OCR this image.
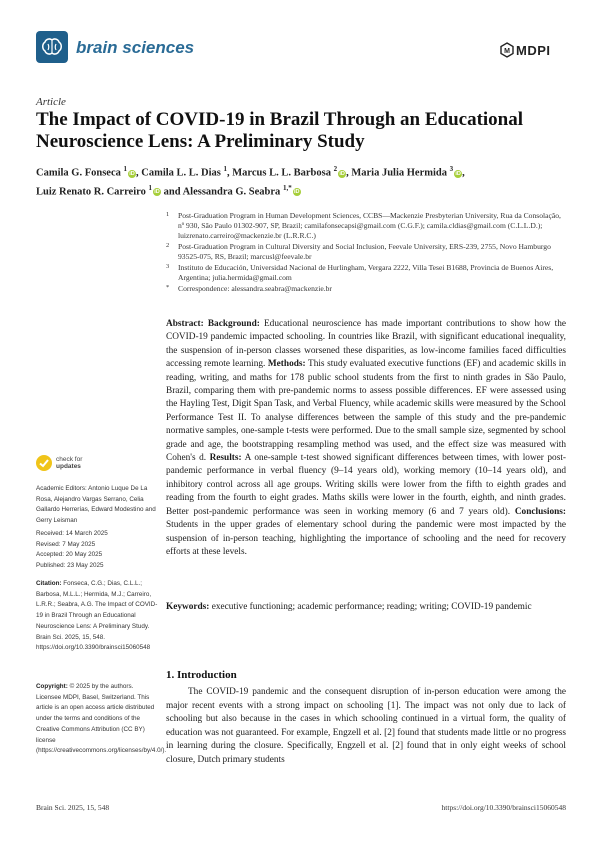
brain sciences	M MDPI
Article
The Impact of COVID-19 in Brazil Through an Educational Neuroscience Lens: A Preliminary Study
Camila G. Fonseca $^1$iD, Camila L. L. Dias $^1$, Marcus L. L. Barbosa $^2$iD, Maria Julia Hermida $^3$iD,
Luiz Renato R. Carreiro $^1$iD and Alessandra G. Seabra $^{1,*}$iD
1 Post-Graduation Program in Human Development Sciences, CCBS—Mackenzie Presbyterian University, Rua da Consolação, nº 930, São Paulo 01302-907, SP, Brazil; camilafonsecapsi@gmail.com (C.G.F.); camila.cldias@gmail.com (C.L.L.D.); luizrenato.carreiro@mackenzie.br (L.R.R.C.)
2 Post-Graduation Program in Cultural Diversity and Social Inclusion, Feevale University, ERS-239, 2755, Novo Hamburgo 93525-075, RS, Brazil; marcusl@feevale.br
3 Instituto de Educación, Universidad Nacional de Hurlingham, Vergara 2222, Villa Tesei B1688, Provincia de Buenos Aires, Argentina; julia.hermida@gmail.com
* Correspondence: alessandra.seabra@mackenzie.br
Abstract: Background: Educational neuroscience has made important contributions to show how the COVID-19 pandemic impacted schooling. In countries like Brazil, with significant educational inequality, the suspension of in-person classes worsened these disparities, as low-income families faced difficulties accessing remote learning. Methods: This study evaluated executive functions (EF) and academic skills in reading, writing, and maths for 178 public school students from the first to ninth grades in São Paulo, Brazil, comparing them with pre-pandemic norms to assess possible differences. EF were assessed using the Hayling Test, Digit Span Task, and Verbal Fluency, while academic skills were measured by the School Performance Test II. To analyse differences between the sample of this study and the pre-pandemic normative samples, one-sample t-tests were performed. Due to the small sample size, segmented by school grade and age, the bootstrapping resampling method was used, and the effect size was measured with Cohen's d. Results: A one-sample t-test showed significant differences between times, with lower post-pandemic performance in verbal fluency (9–14 years old), working memory (10–14 years old), and inhibitory control across all age groups. Writing skills were lower from the fifth to eighth grades and reading from the fourth to eight grades. Maths skills were lower in the fourth, eighth, and ninth grades. Better post-pandemic performance was seen in working memory (6 and 7 years old). Conclusions: Students in the upper grades of elementary school during the pandemic were most impacted by the suspension of in-person teaching, highlighting the importance of schooling and the need for recovery efforts at these levels.
Keywords: executive functioning; academic performance; reading; writing; COVID-19 pandemic
check for
updates
Academic Editors: Antonio Luque De La Rosa, Alejandro Vargas Serrano, Celia Gallardo Herrerías, Edward Modestino and Gerry Leisman
Received: 14 March 2025
Revised: 7 May 2025
Accepted: 20 May 2025
Published: 23 May 2025
Citation: Fonseca, C.G.; Dias, C.L.L.; Barbosa, M.L.L.; Hermida, M.J.; Carreiro, L.R.R.; Seabra, A.G. The Impact of COVID-19 in Brazil Through an Educational Neuroscience Lens: A Preliminary Study. Brain Sci. 2025, 15, 548. https://doi.org/10.3390/brainsci15060548
Copyright: © 2025 by the authors. Licensee MDPI, Basel, Switzerland. This article is an open access article distributed under the terms and conditions of the Creative Commons Attribution (CC BY) license (https://creativecommons.org/licenses/by/4.0/).
1. Introduction
The COVID-19 pandemic and the consequent disruption of in-person education were among the major recent events with a strong impact on schooling [1]. The impact was not only due to lack of schooling but also because in the cases in which schooling continued in a virtual form, the quality of education was not guaranteed. For example, Engzell et al. [2] found that students made little or no progress in learning during the closure. Specifically, Engzell et al. [2] found that in only eight weeks of school closure, Dutch primary students
Brain Sci. 2025, 15, 548	https://doi.org/10.3390/brainsci15060548
